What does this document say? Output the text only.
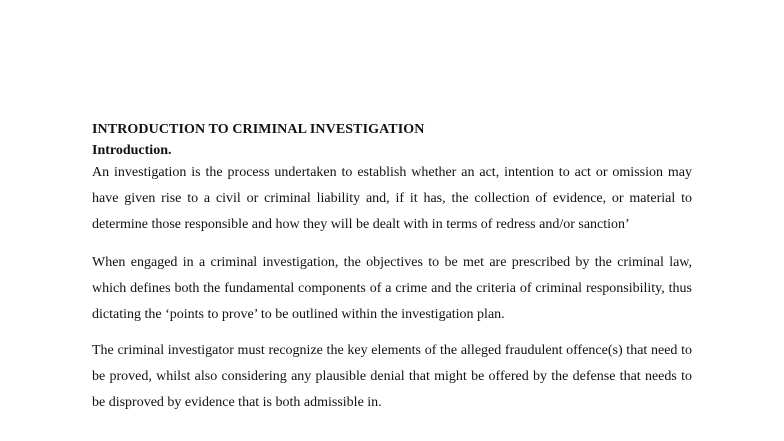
INTRODUCTION TO CRIMINAL INVESTIGATION
Introduction.

An investigation is the process undertaken to establish whether an act, intention to act or omission may have given rise to a civil or criminal liability and, if it has, the collection of evidence, or material to determine those responsible and how they will be dealt with in terms of redress and/or sanction’

When engaged in a criminal investigation, the objectives to be met are prescribed by the criminal law, which defines both the fundamental components of a crime and the criteria of criminal responsibility, thus dictating the ‘points to prove’ to be outlined within the investigation plan.

The criminal investigator must recognize the key elements of the alleged fraudulent offence(s) that need to be proved, whilst also considering any plausible denial that might be offered by the defense that needs to be disproved by evidence that is both admissible in.
